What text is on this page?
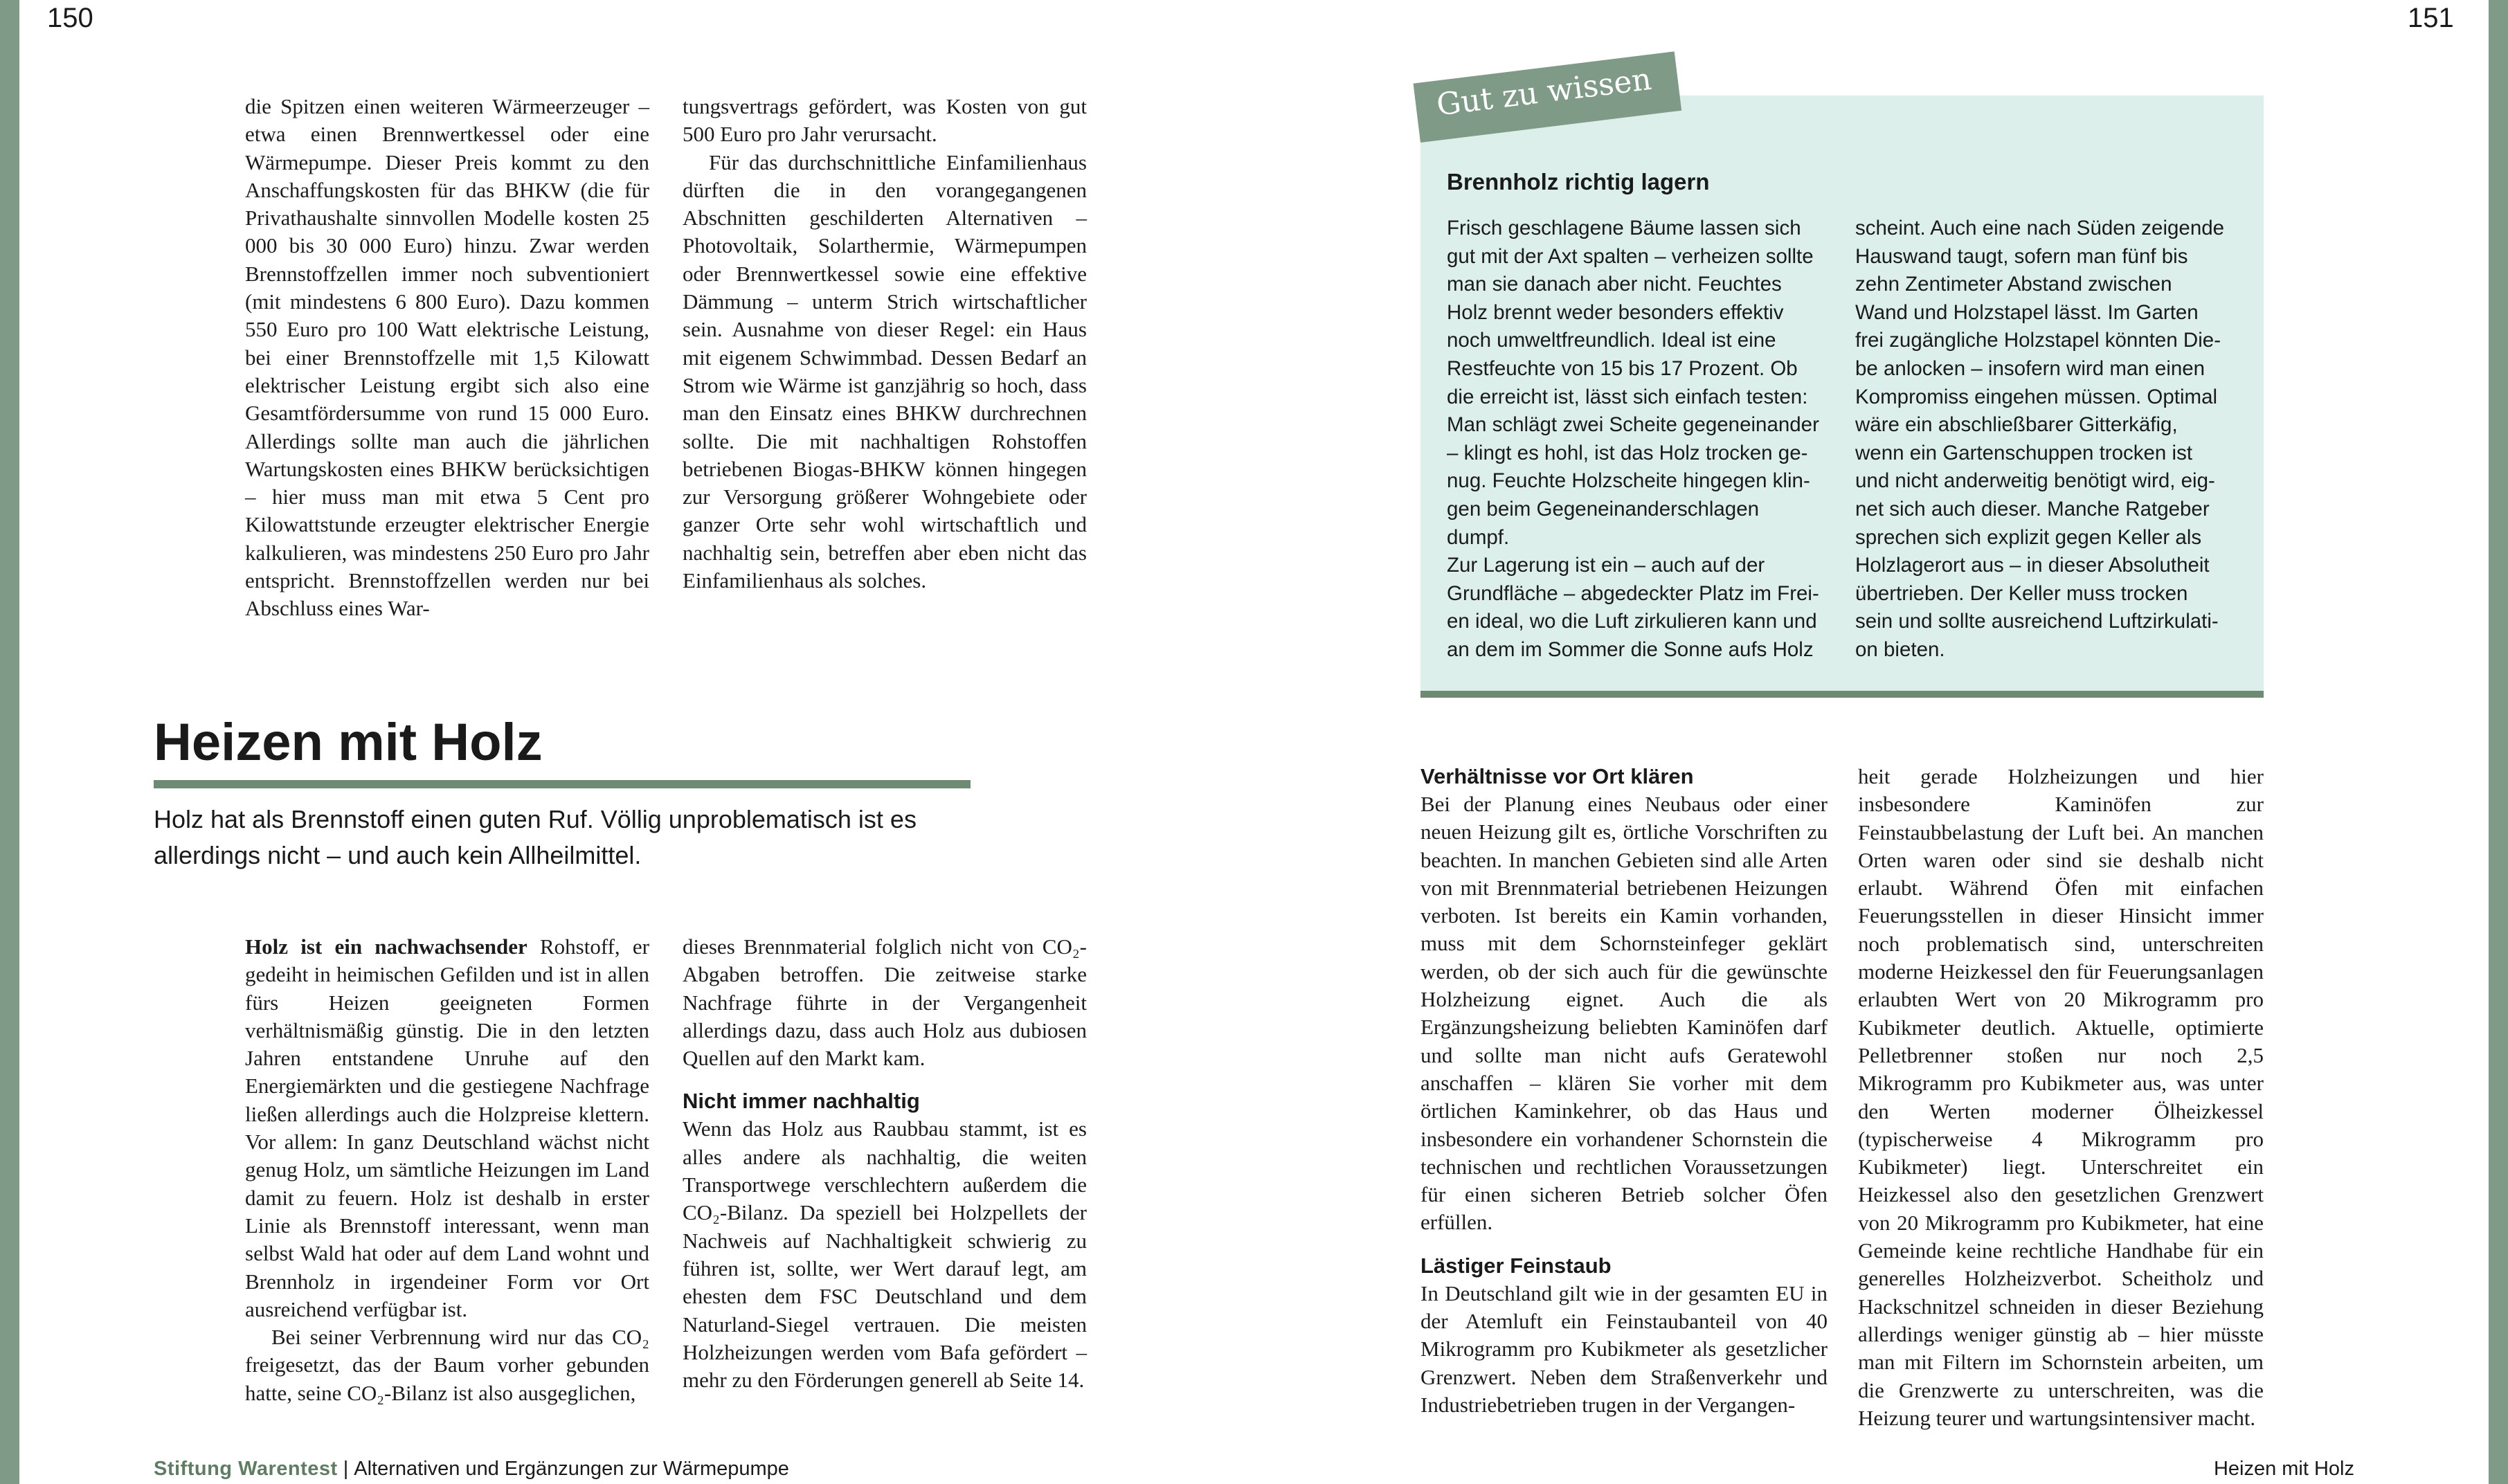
150	151

die Spitzen einen weiteren Wärmeerzeuger – etwa einen Brennwertkessel oder eine Wärmepumpe. Dieser Preis kommt zu den Anschaffungskosten für das BHKW (die für Privathaushalte sinnvollen Modelle kosten 25 000 bis 30 000 Euro) hinzu. Zwar werden Brennstoffzellen immer noch subventioniert (mit mindestens 6 800 Euro). Dazu kommen 550 Euro pro 100 Watt elektrische Leistung, bei einer Brennstoffzelle mit 1,5 Kilowatt elektrischer Leistung ergibt sich also eine Gesamtfördersumme von rund 15 000 Euro. Allerdings sollte man auch die jährlichen Wartungskosten eines BHKW berücksichtigen – hier muss man mit etwa 5 Cent pro Kilowattstunde erzeugter elektrischer Energie kalkulieren, was mindestens 250 Euro pro Jahr entspricht. Brennstoffzellen werden nur bei Abschluss eines War-

tungsvertrags gefördert, was Kosten von gut 500 Euro pro Jahr verursacht.

Für das durchschnittliche Einfamilienhaus dürften die in den vorangegangenen Abschnitten geschilderten Alternativen – Photovoltaik, Solarthermie, Wärmepumpen oder Brennwertkessel sowie eine effektive Dämmung – unterm Strich wirtschaftlicher sein. Ausnahme von dieser Regel: ein Haus mit eigenem Schwimmbad. Dessen Bedarf an Strom wie Wärme ist ganzjährig so hoch, dass man den Einsatz eines BHKW durchrechnen sollte. Die mit nachhaltigen Rohstoffen betriebenen Biogas-BHKW können hingegen zur Versorgung größerer Wohngebiete oder ganzer Orte sehr wohl wirtschaftlich und nachhaltig sein, betreffen aber eben nicht das Einfamilienhaus als solches.

Heizen mit Holz
Holz hat als Brennstoff einen guten Ruf. Völlig unproblematisch ist es allerdings nicht – und auch kein Allheilmittel.

Holz ist ein nachwachsender Rohstoff, er gedeiht in heimischen Gefilden und ist in allen fürs Heizen geeigneten Formen verhältnismäßig günstig. Die in den letzten Jahren entstandene Unruhe auf den Energiemärkten und die gestiegene Nachfrage ließen allerdings auch die Holzpreise klettern. Vor allem: In ganz Deutschland wächst nicht genug Holz, um sämtliche Heizungen im Land damit zu feuern. Holz ist deshalb in erster Linie als Brennstoff interessant, wenn man selbst Wald hat oder auf dem Land wohnt und Brennholz in irgendeiner Form vor Ort ausreichend verfügbar ist.

Bei seiner Verbrennung wird nur das CO₂ freigesetzt, das der Baum vorher gebunden hatte, seine CO₂-Bilanz ist also ausgeglichen,

dieses Brennmaterial folglich nicht von CO₂-Abgaben betroffen. Die zeitweise starke Nachfrage führte in der Vergangenheit allerdings dazu, dass auch Holz aus dubiosen Quellen auf den Markt kam.

Nicht immer nachhaltig

Wenn das Holz aus Raubbau stammt, ist es alles andere als nachhaltig, die weiten Transportwege verschlechtern außerdem die CO₂-Bilanz. Da speziell bei Holzpellets der Nachweis auf Nachhaltigkeit schwierig zu führen ist, sollte, wer Wert darauf legt, am ehesten dem FSC Deutschland und dem Naturland-Siegel vertrauen. Die meisten Holzheizungen werden vom Bafa gefördert – mehr zu den Förderungen generell ab Seite 14.

Gut zu wissen
Brennholz richtig lagern
Frisch geschlagene Bäume lassen sich
gut mit der Axt spalten – verheizen sollte
man sie danach aber nicht. Feuchtes
Holz brennt weder besonders effektiv
noch umweltfreundlich. Ideal ist eine
Restfeuchte von 15 bis 17 Prozent. Ob
die erreicht ist, lässt sich einfach testen:
Man schlägt zwei Scheite gegeneinander
– klingt es hohl, ist das Holz trocken ge-
nug. Feuchte Holzscheite hingegen klin-
gen beim Gegeneinanderschlagen
dumpf.
Zur Lagerung ist ein – auch auf der
Grundfläche – abgedeckter Platz im Frei-
en ideal, wo die Luft zirkulieren kann und
an dem im Sommer die Sonne aufs Holz
scheint. Auch eine nach Süden zeigende
Hauswand taugt, sofern man fünf bis
zehn Zentimeter Abstand zwischen
Wand und Holzstapel lässt. Im Garten
frei zugängliche Holzstapel könnten Die-
be anlocken – insofern wird man einen
Kompromiss eingehen müssen. Optimal
wäre ein abschließbarer Gitterkäfig,
wenn ein Gartenschuppen trocken ist
und nicht anderweitig benötigt wird, eig-
net sich auch dieser. Manche Ratgeber
sprechen sich explizit gegen Keller als
Holzlagerort aus – in dieser Absolutheit
übertrieben. Der Keller muss trocken
sein und sollte ausreichend Luftzirkulati-
on bieten.
Verhältnisse vor Ort klären

Bei der Planung eines Neubaus oder einer neuen Heizung gilt es, örtliche Vorschriften zu beachten. In manchen Gebieten sind alle Arten von mit Brennmaterial betriebenen Heizungen verboten. Ist bereits ein Kamin vorhanden, muss mit dem Schornsteinfeger geklärt werden, ob der sich auch für die gewünschte Holzheizung eignet. Auch die als Ergänzungsheizung beliebten Kaminöfen darf und sollte man nicht aufs Geratewohl anschaffen – klären Sie vorher mit dem örtlichen Kaminkehrer, ob das Haus und insbesondere ein vorhandener Schornstein die technischen und rechtlichen Voraussetzungen für einen sicheren Betrieb solcher Öfen erfüllen.

Lästiger Feinstaub

In Deutschland gilt wie in der gesamten EU in der Atemluft ein Feinstaubanteil von 40 Mikrogramm pro Kubikmeter als gesetzlicher Grenzwert. Neben dem Straßenverkehr und Industriebetrieben trugen in der Vergangen-

heit gerade Holzheizungen und hier insbesondere Kaminöfen zur Feinstaubbelastung der Luft bei. An manchen Orten waren oder sind sie deshalb nicht erlaubt. Während Öfen mit einfachen Feuerungsstellen in dieser Hinsicht immer noch problematisch sind, unterschreiten moderne Heizkessel den für Feuerungsanlagen erlaubten Wert von 20 Mikrogramm pro Kubikmeter deutlich. Aktuelle, optimierte Pelletbrenner stoßen nur noch 2,5 Mikrogramm pro Kubikmeter aus, was unter den Werten moderner Ölheizkessel (typischerweise 4 Mikrogramm pro Kubikmeter) liegt. Unterschreitet ein Heizkessel also den gesetzlichen Grenzwert von 20 Mikrogramm pro Kubikmeter, hat eine Gemeinde keine rechtliche Handhabe für ein generelles Holzheizverbot. Scheitholz und Hackschnitzel schneiden in dieser Beziehung allerdings weniger günstig ab – hier müsste man mit Filtern im Schornstein arbeiten, um die Grenzwerte zu unterschreiten, was die Heizung teurer und wartungsintensiver macht.

Stiftung Warentest | Alternativen und Ergänzungen zur Wärmepumpe	Heizen mit Holz
